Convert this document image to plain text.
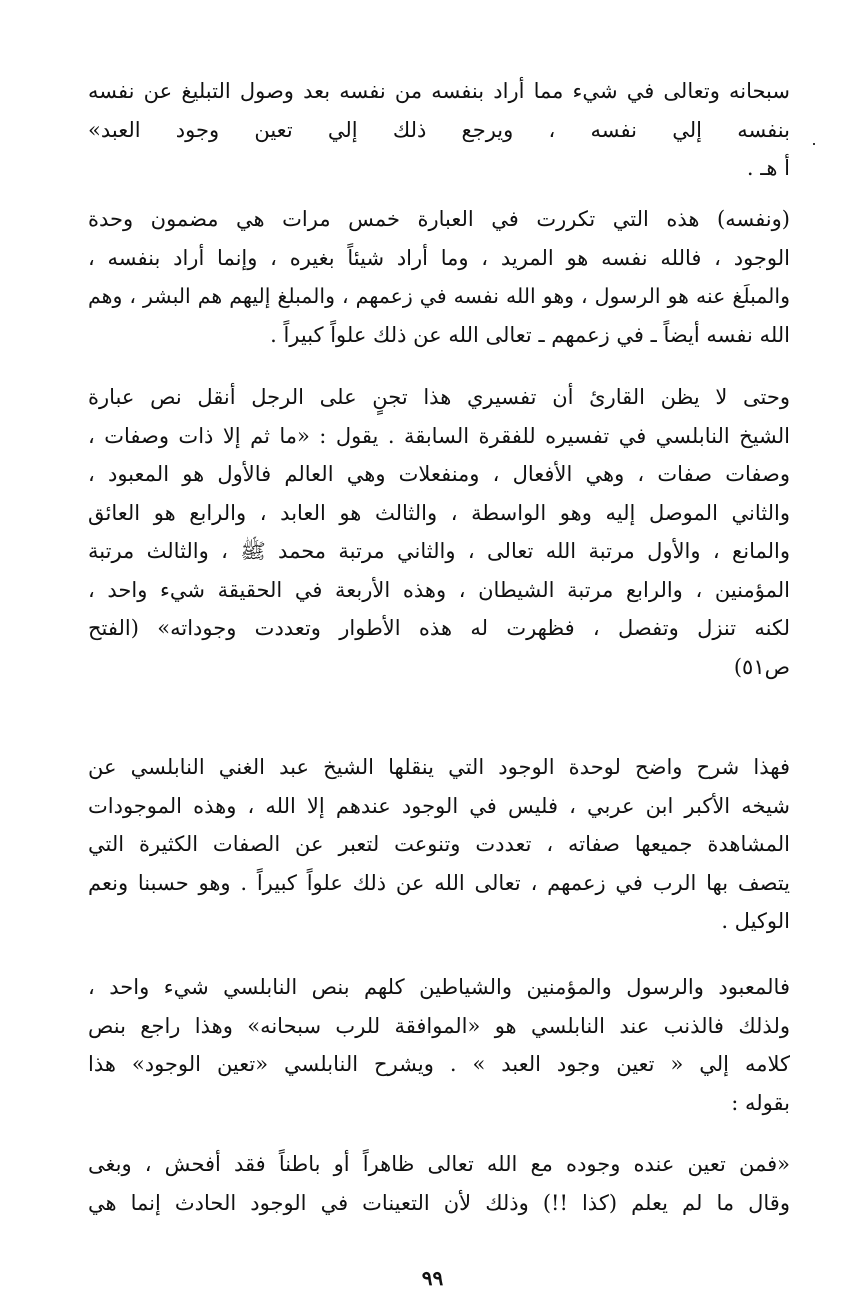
سبحانه وتعالى في شيء مما أراد بنفسه من نفسه بعد وصول التبليغ عن نفسه
بنفسه إلي نفسه ، ويرجع ذلك إلي تعين وجود العبد»
أ هـ .
(ونفسه) هذه التي تكررت في العبارة خمس مرات هي مضمون وحدة
الوجود ، فالله نفسه هو المريد ، وما أراد شيئاً بغيره ، وإنما أراد بنفسه ،
والمبلَغ عنه هو الرسول ، وهو الله نفسه في زعمهم ، والمبلغ إليهم هم البشر ، وهم
الله نفسه أيضاً ـ في زعمهم ـ تعالى الله عن ذلك علواً كبيراً .
وحتى لا يظن القارئ أن تفسيري هذا تجنٍ على الرجل أنقل نص عبارة
الشيخ النابلسي في تفسيره للفقرة السابقة . يقول : «ما ثم إلا ذات وصفات ،
وصفات صفات ، وهي الأفعال ، ومنفعلات وهي العالم فالأول هو المعبود ،
والثاني الموصل إليه وهو الواسطة ، والثالث هو العابد ، والرابع هو العائق
والمانع ، والأول مرتبة الله تعالى ، والثاني مرتبة محمد ﷺ ، والثالث مرتبة
المؤمنين ، والرابع مرتبة الشيطان ، وهذه الأربعة في الحقيقة شيء واحد ،
لكنه تنزل وتفصل ، فظهرت له هذه الأطوار وتعددت وجوداته» (الفتح
ص٥١)
فهذا شرح واضح لوحدة الوجود التي ينقلها الشيخ عبد الغني النابلسي عن
شيخه الأكبر ابن عربي ، فليس في الوجود عندهم إلا الله ، وهذه الموجودات
المشاهدة جميعها صفاته ، تعددت وتنوعت لتعبر عن الصفات الكثيرة التي
يتصف بها الرب في زعمهم ، تعالى الله عن ذلك علواً كبيراً . وهو حسبنا ونعم
الوكيل .
فالمعبود والرسول والمؤمنين والشياطين كلهم بنص النابلسي شيء واحد ،
ولذلك فالذنب عند النابلسي هو «الموافقة للرب سبحانه» وهذا راجع بنص
كلامه إلي « تعين وجود العبد » . ويشرح النابلسي «تعين الوجود» هذا
بقوله :
«فمن تعين عنده وجوده مع الله تعالى ظاهراً أو باطناً فقد أفحش ، وبغى
وقال ما لم يعلم (كذا !!) وذلك لأن التعينات في الوجود الحادث إنما هي
٩٩
